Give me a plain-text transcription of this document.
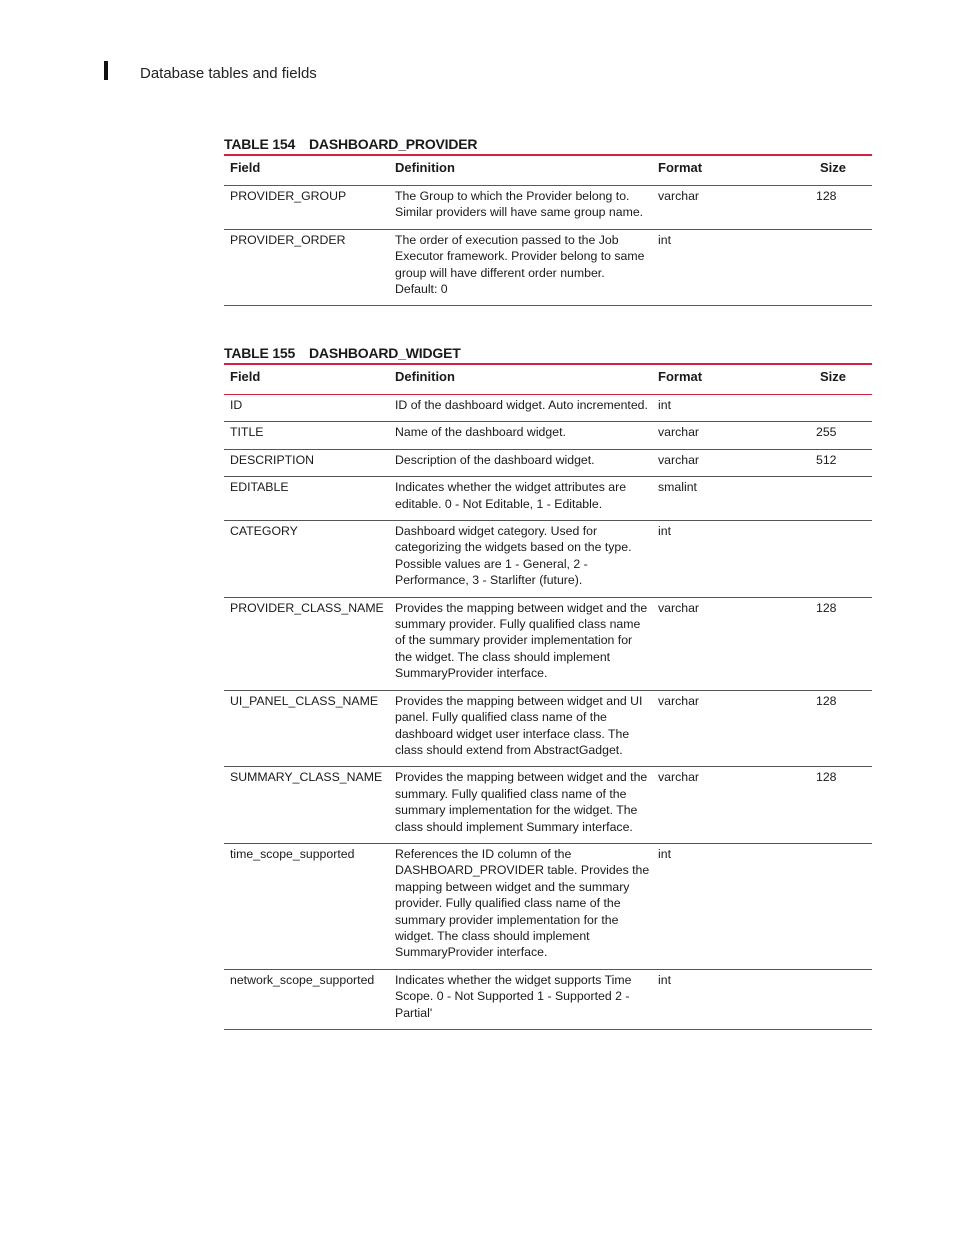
Database tables and fields
TABLE 154 DASHBOARD_PROVIDER
Field	Definition	Format	Size
PROVIDER_GROUP	The Group to which the Provider belong to. Similar providers will have same group name.	varchar	128
PROVIDER_ORDER	The order of execution passed to the Job Executor framework. Provider belong to same group will have different order number. Default: 0	int	
TABLE 155 DASHBOARD_WIDGET
Field	Definition	Format	Size
ID	ID of the dashboard widget. Auto incremented.	int	
TITLE	Name of the dashboard widget.	varchar	255
DESCRIPTION	Description of the dashboard widget.	varchar	512
EDITABLE	Indicates whether the widget attributes are editable. 0 - Not Editable, 1 - Editable.	smalint	
CATEGORY	Dashboard widget category. Used for categorizing the widgets based on the type. Possible values are 1 - General, 2 - Performance, 3 - Starlifter (future).	int	
PROVIDER_CLASS_NAME	Provides the mapping between widget and the summary provider. Fully qualified class name of the summary provider implementation for the widget. The class should implement SummaryProvider interface.	varchar	128
UI_PANEL_CLASS_NAME	Provides the mapping between widget and UI panel. Fully qualified class name of the dashboard widget user interface class. The class should extend from AbstractGadget.	varchar	128
SUMMARY_CLASS_NAME	Provides the mapping between widget and the summary. Fully qualified class name of the summary implementation for the widget. The class should implement Summary interface.	varchar	128
time_scope_supported	References the ID column of the DASHBOARD_PROVIDER table. Provides the mapping between widget and the summary provider. Fully qualified class name of the summary provider implementation for the widget. The class should implement SummaryProvider interface.	int	
network_scope_supported	Indicates whether the widget supports Time Scope. 0 - Not Supported 1 - Supported 2 - Partial'	int	
